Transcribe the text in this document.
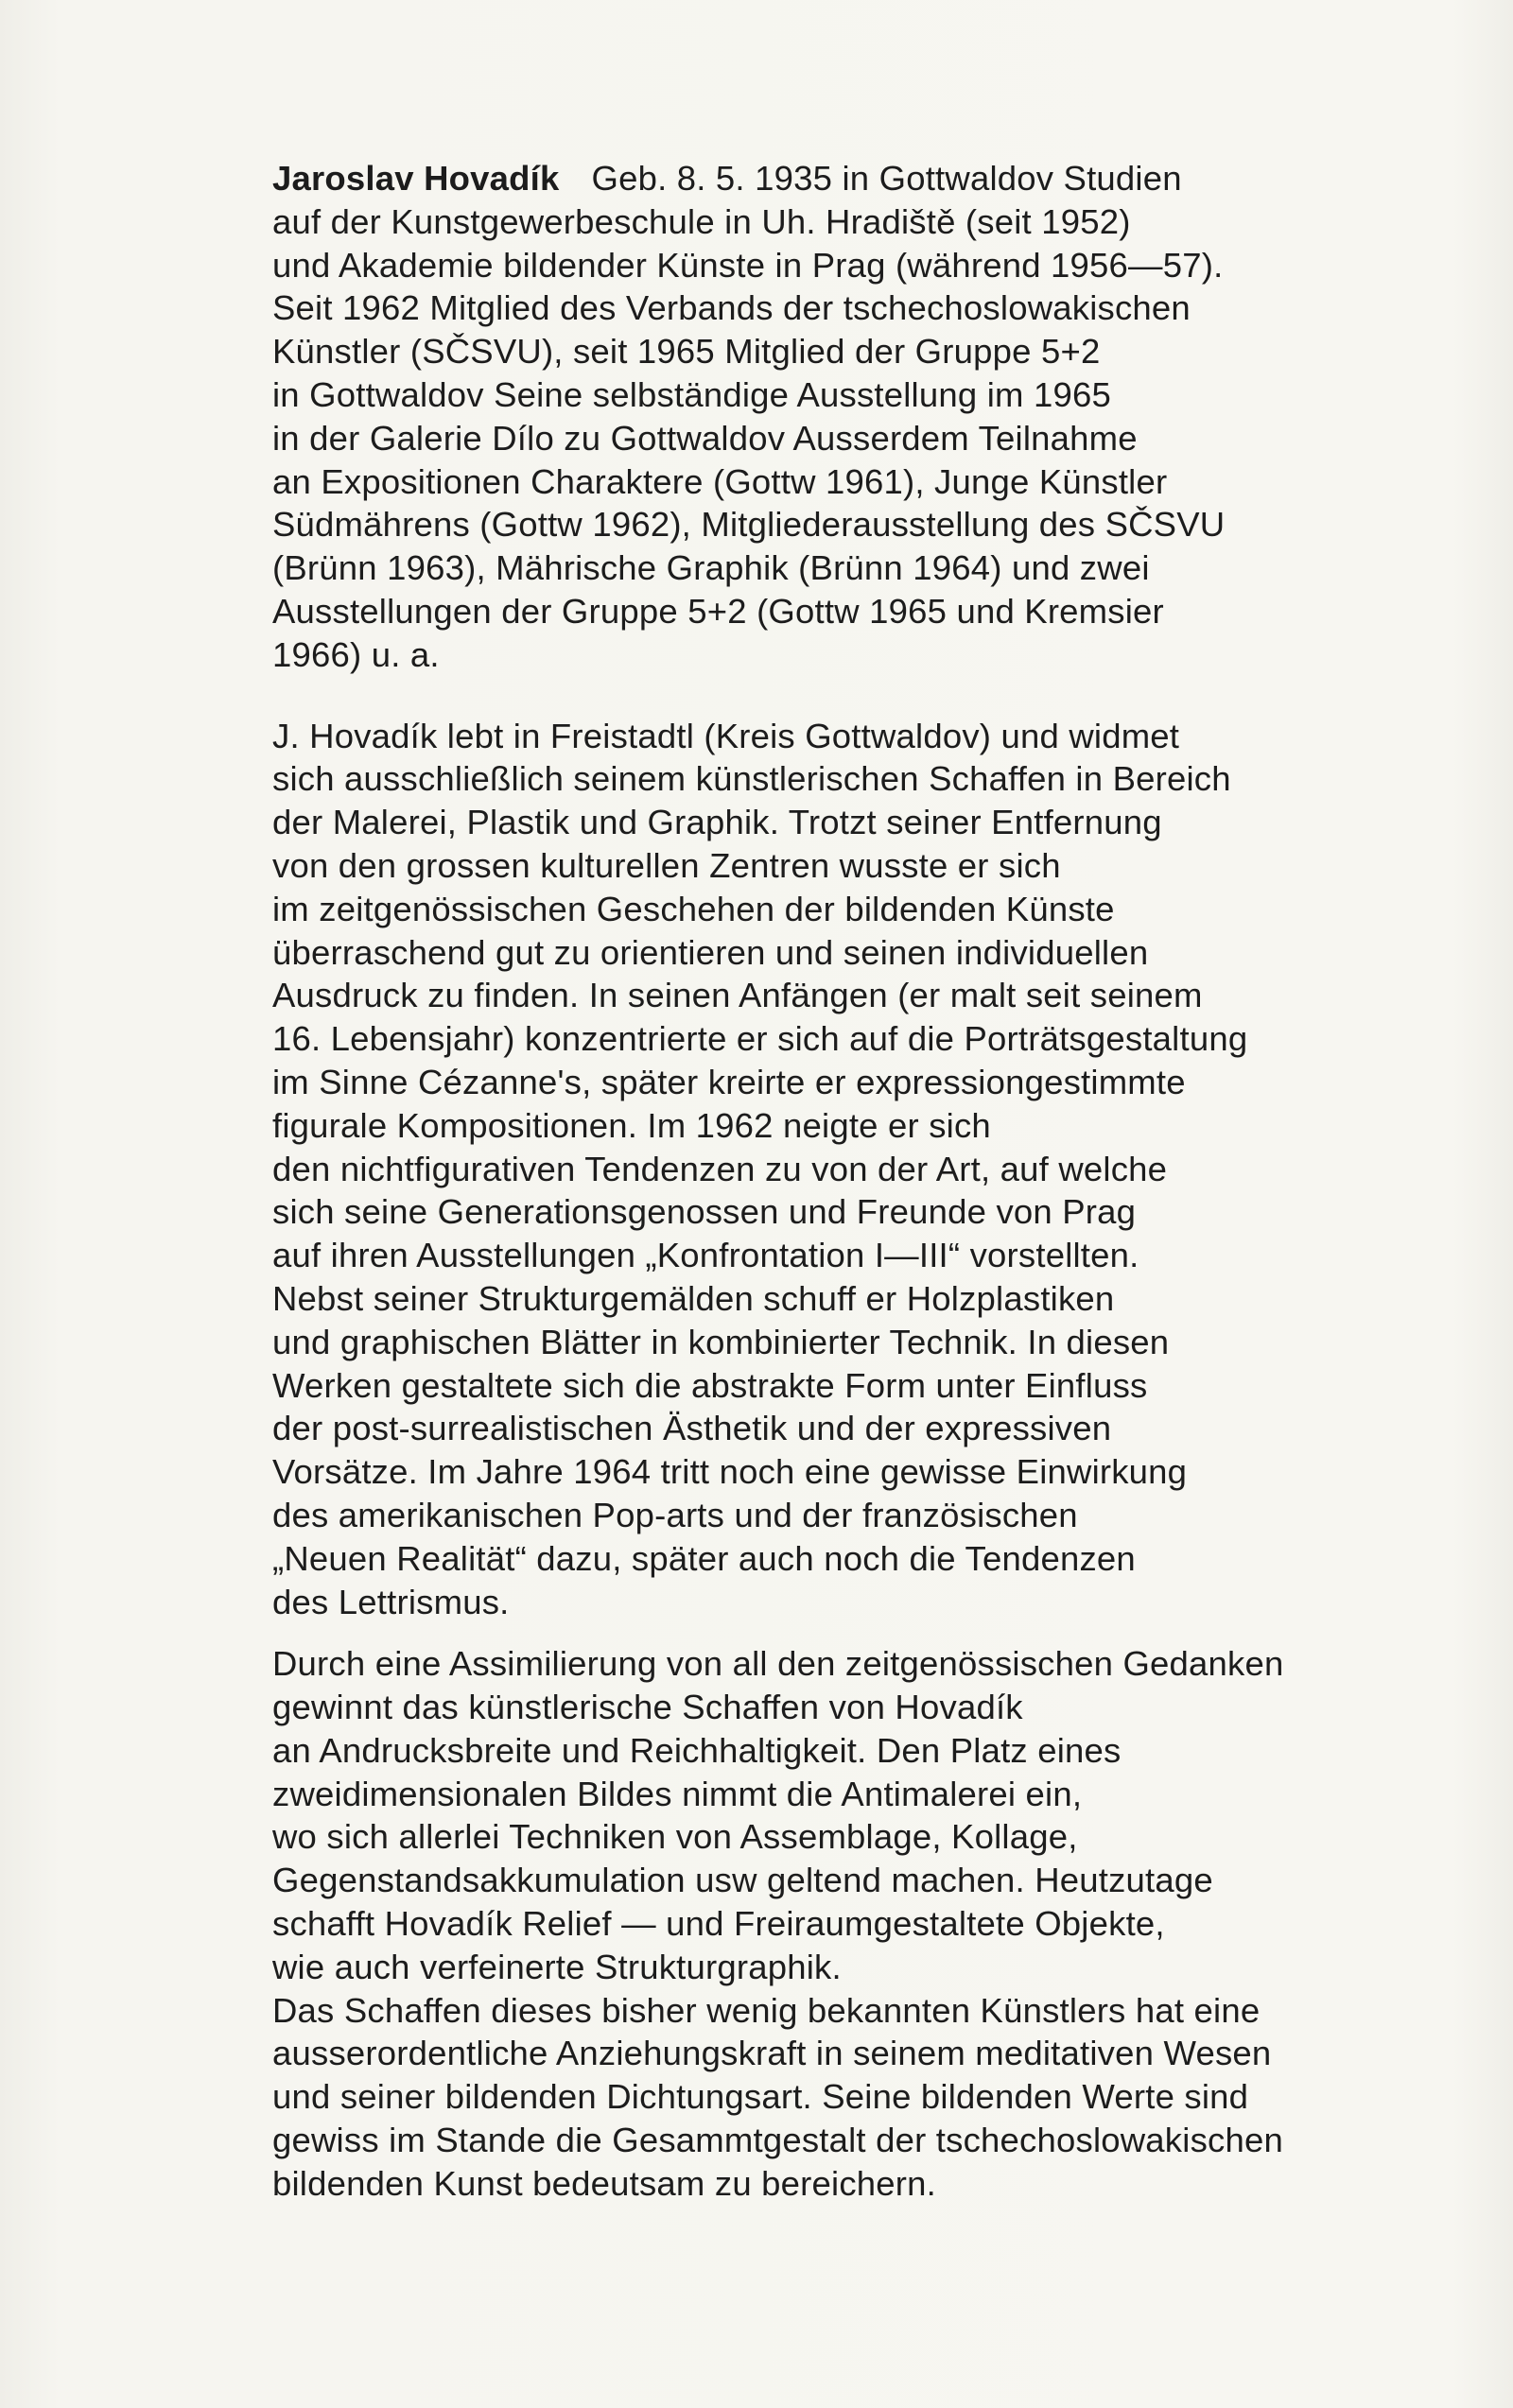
Jaroslav Hovadík Geb. 8. 5. 1935 in Gottwaldov Studien
auf der Kunstgewerbeschule in Uh. Hradiště (seit 1952)
und Akademie bildender Künste in Prag (während 1956—57).
Seit 1962 Mitglied des Verbands der tschechoslowakischen
Künstler (SČSVU), seit 1965 Mitglied der Gruppe 5+2
in Gottwaldov Seine selbständige Ausstellung im 1965
in der Galerie Dílo zu Gottwaldov Ausserdem Teilnahme
an Expositionen Charaktere (Gottw 1961), Junge Künstler
Südmährens (Gottw 1962), Mitgliederausstellung des SČSVU
(Brünn 1963), Mährische Graphik (Brünn 1964) und zwei
Ausstellungen der Gruppe 5+2 (Gottw 1965 und Kremsier
1966) u. a.
J. Hovadík lebt in Freistadtl (Kreis Gottwaldov) und widmet
sich ausschließlich seinem künstlerischen Schaffen in Bereich
der Malerei, Plastik und Graphik. Trotzt seiner Entfernung
von den grossen kulturellen Zentren wusste er sich
im zeitgenössischen Geschehen der bildenden Künste
überraschend gut zu orientieren und seinen individuellen
Ausdruck zu finden. In seinen Anfängen (er malt seit seinem
16. Lebensjahr) konzentrierte er sich auf die Porträtsgestaltung
im Sinne Cézanne's, später kreirte er expressiongestimmte
figurale Kompositionen. Im 1962 neigte er sich
den nichtfigurativen Tendenzen zu von der Art, auf welche
sich seine Generationsgenossen und Freunde von Prag
auf ihren Ausstellungen „Konfrontation I—III“ vorstellten.
Nebst seiner Strukturgemälden schuff er Holzplastiken
und graphischen Blätter in kombinierter Technik. In diesen
Werken gestaltete sich die abstrakte Form unter Einfluss
der post-surrealistischen Ästhetik und der expressiven
Vorsätze. Im Jahre 1964 tritt noch eine gewisse Einwirkung
des amerikanischen Pop-arts und der französischen
„Neuen Realität“ dazu, später auch noch die Tendenzen
des Lettrismus.
Durch eine Assimilierung von all den zeitgenössischen Gedanken
gewinnt das künstlerische Schaffen von Hovadík
an Andrucksbreite und Reichhaltigkeit. Den Platz eines
zweidimensionalen Bildes nimmt die Antimalerei ein,
wo sich allerlei Techniken von Assemblage, Kollage,
Gegenstandsakkumulation usw geltend machen. Heutzutage
schafft Hovadík Relief — und Freiraumgestaltete Objekte,
wie auch verfeinerte Strukturgraphik.
Das Schaffen dieses bisher wenig bekannten Künstlers hat eine
ausserordentliche Anziehungskraft in seinem meditativen Wesen
und seiner bildenden Dichtungsart. Seine bildenden Werte sind
gewiss im Stande die Gesammtgestalt der tschechoslowakischen
bildenden Kunst bedeutsam zu bereichern.
